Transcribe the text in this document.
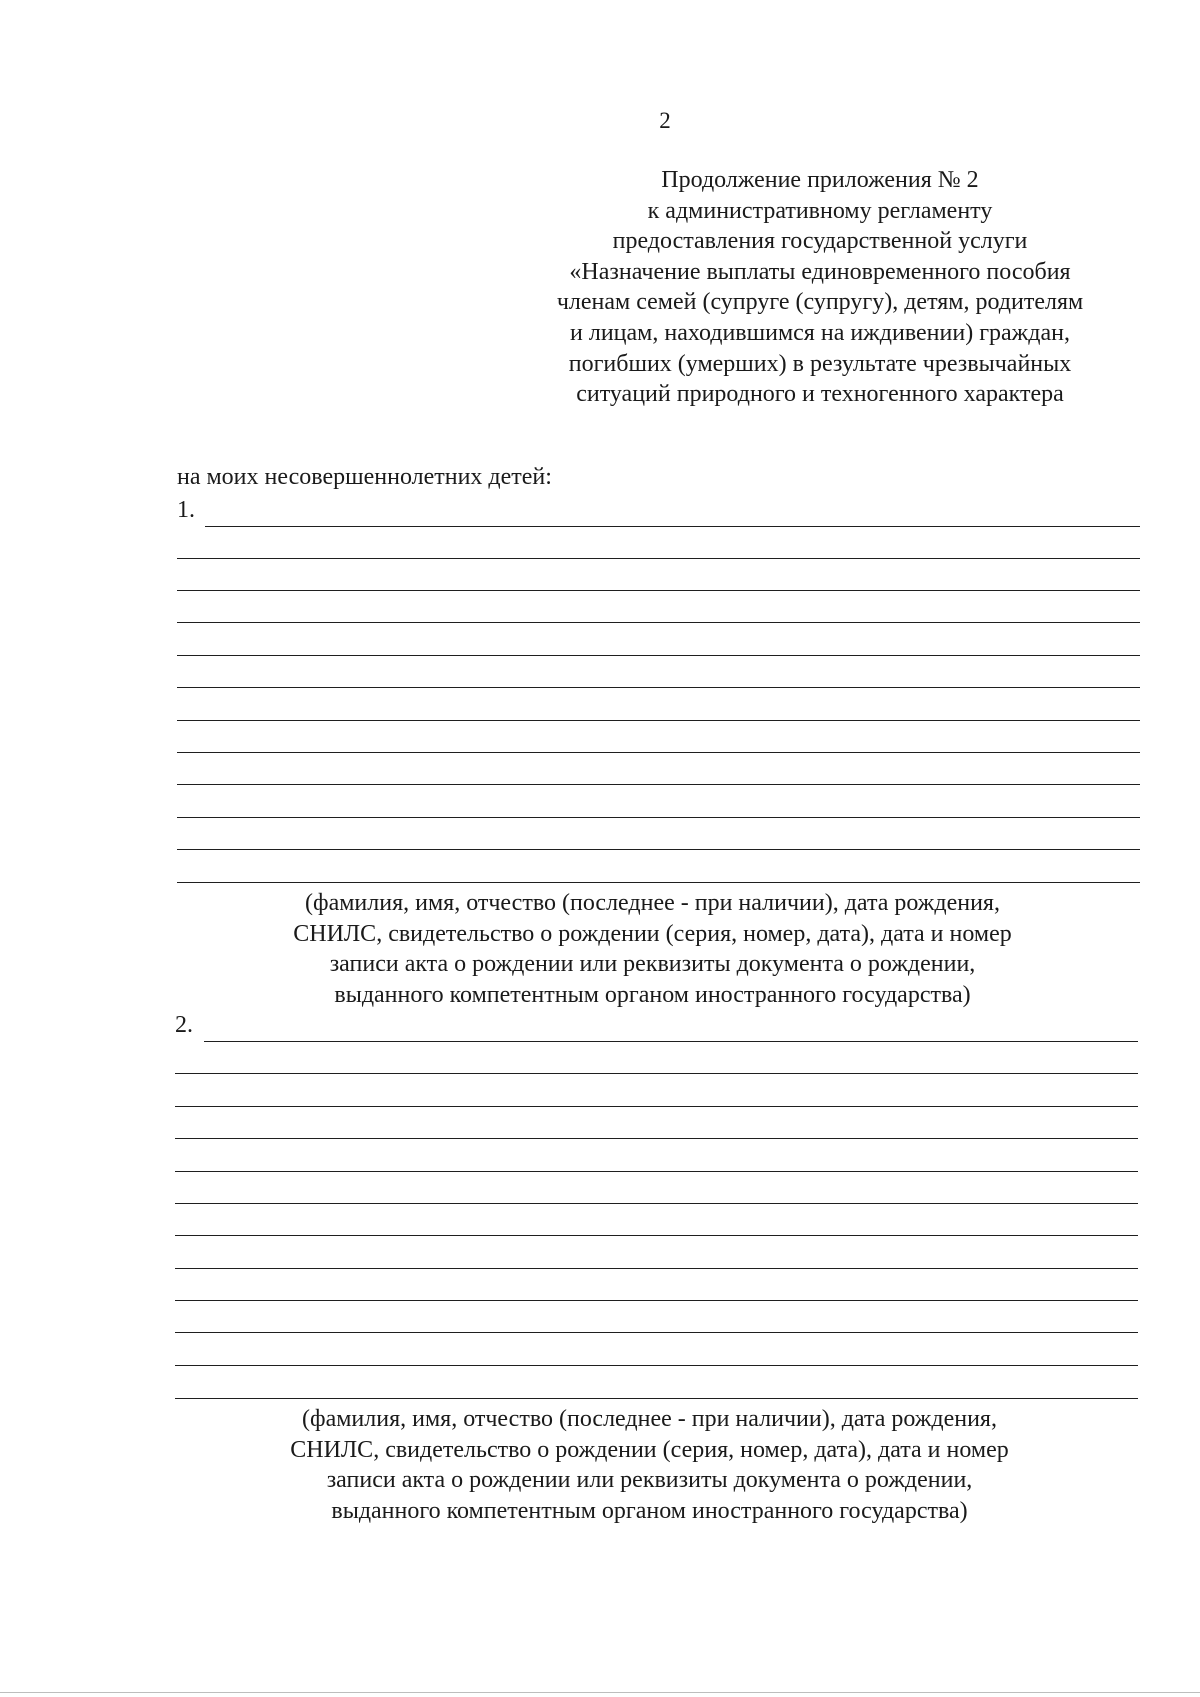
2

Продолжение приложения № 2
к административному регламенту
предоставления государственной услуги
«Назначение выплаты единовременного пособия
членам семей (супруге (супругу), детям, родителям
и лицам, находившимся на иждивении) граждан,
погибших (умерших) в результате чрезвычайных
ситуаций природного и техногенного характера

на моих несовершеннолетних детей:

1.
(фамилия, имя, отчество (последнее - при наличии), дата рождения,
СНИЛС, свидетельство о рождении (серия, номер, дата), дата и номер
записи акта о рождении или реквизиты документа о рождении,
выданного компетентным органом иностранного государства)
2.
(фамилия, имя, отчество (последнее - при наличии), дата рождения,
СНИЛС, свидетельство о рождении (серия, номер, дата), дата и номер
записи акта о рождении или реквизиты документа о рождении,
выданного компетентным органом иностранного государства)
